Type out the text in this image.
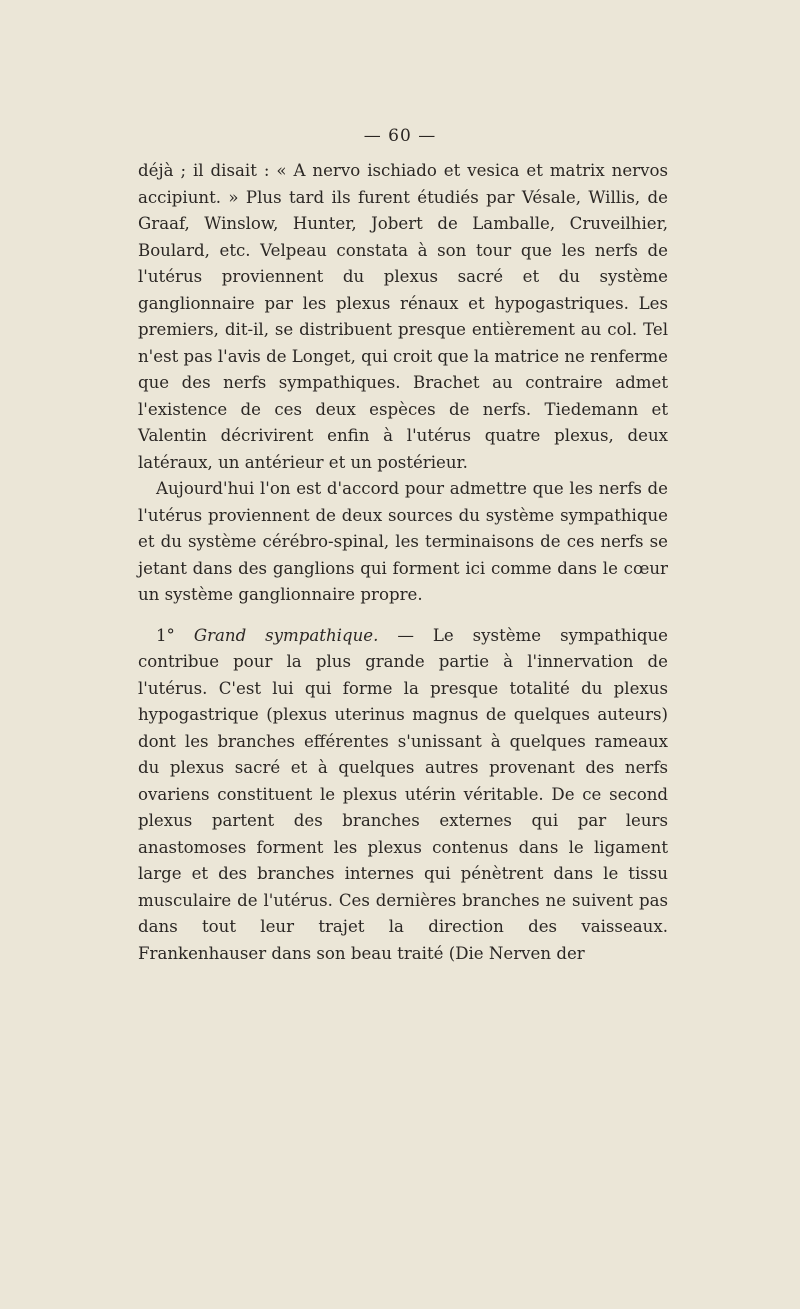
— 60 —

déjà ; il disait : « A nervo ischiado et vesica et matrix nervos accipiunt. » Plus tard ils furent étudiés par Vésale, Willis, de Graaf, Winslow, Hunter, Jobert de Lamballe, Cruveilhier, Boulard, etc. Velpeau constata à son tour que les nerfs de l'utérus proviennent du plexus sacré et du système ganglionnaire par les plexus rénaux et hypogastriques. Les premiers, dit-il, se distribuent presque entièrement au col. Tel n'est pas l'avis de Longet, qui croit que la matrice ne renferme que des nerfs sympathiques. Brachet au contraire admet l'existence de ces deux espèces de nerfs. Tiedemann et Valentin décrivirent enfin à l'utérus quatre plexus, deux latéraux, un antérieur et un postérieur.

Aujourd'hui l'on est d'accord pour admettre que les nerfs de l'utérus proviennent de deux sources du système sympathique et du système cérébro-spinal, les terminaisons de ces nerfs se jetant dans des ganglions qui forment ici comme dans le cœur un système ganglionnaire propre.

1° Grand sympathique. — Le système sympathique contribue pour la plus grande partie à l'innervation de l'utérus. C'est lui qui forme la presque totalité du plexus hypogastrique (plexus uterinus magnus de quelques auteurs) dont les branches efférentes s'unissant à quelques rameaux du plexus sacré et à quelques autres provenant des nerfs ovariens constituent le plexus utérin véritable. De ce second plexus partent des branches externes qui par leurs anastomoses forment les plexus contenus dans le ligament large et des branches internes qui pénètrent dans le tissu musculaire de l'utérus. Ces dernières branches ne suivent pas dans tout leur trajet la direction des vaisseaux. Frankenhauser dans son beau traité (Die Nerven der
